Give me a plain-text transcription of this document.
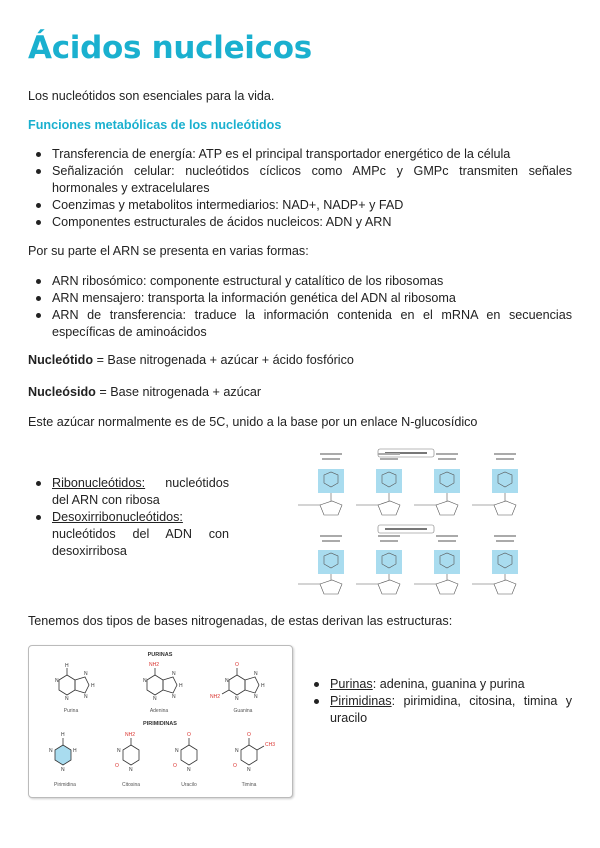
Ácidos nucleicos
Los nucleótidos son esenciales para la vida.
Funciones metabólicas de los nucleótidos
Transferencia de energía: ATP es el principal transportador energético de la célula
Señalización celular: nucleótidos cíclicos como AMPc y GMPc transmiten señales hormonales y extracelulares
Coenzimas y metabolitos intermediarios: NAD+, NADP+ y FAD
Componentes estructurales de ácidos nucleicos: ADN y ARN
Por su parte el ARN se presenta en varias formas:
ARN ribosómico: componente estructural y catalítico de los ribosomas
ARN mensajero: transporta la información genética del ADN al ribosoma
ARN de transferencia: traduce la información contenida en el mRNA en secuencias específicas de aminoácidos
Nucleótido = Base nitrogenada + azúcar + ácido fosfórico
Nucleósido = Base nitrogenada + azúcar
Este azúcar normalmente es de 5C, unido a la base por un enlace N-glucosídico
Ribonucleótidos: nucleótidos del ARN con ribosa
Desoxirribonucleótidos: nucleótidos del ADN con desoxirribosa
Tenemos dos tipos de bases nitrogenadas, de estas derivan las estructuras:
PURINAS
PIRIMIDINAS
H
N
N
N
N
H
Purina
NH2
N
N
N
N
H
Adenina
O
NH2
N
N
N
N
H
Guanina
H
N
N
H
Pirimidina
NH2
N
N
O
Citosina
O
N
N
O
Uracilo
O
CH3
N
N
O
Timina
Purinas: adenina, guanina y purina
Pirimidinas: pirimidina, citosina, timina y uracilo
